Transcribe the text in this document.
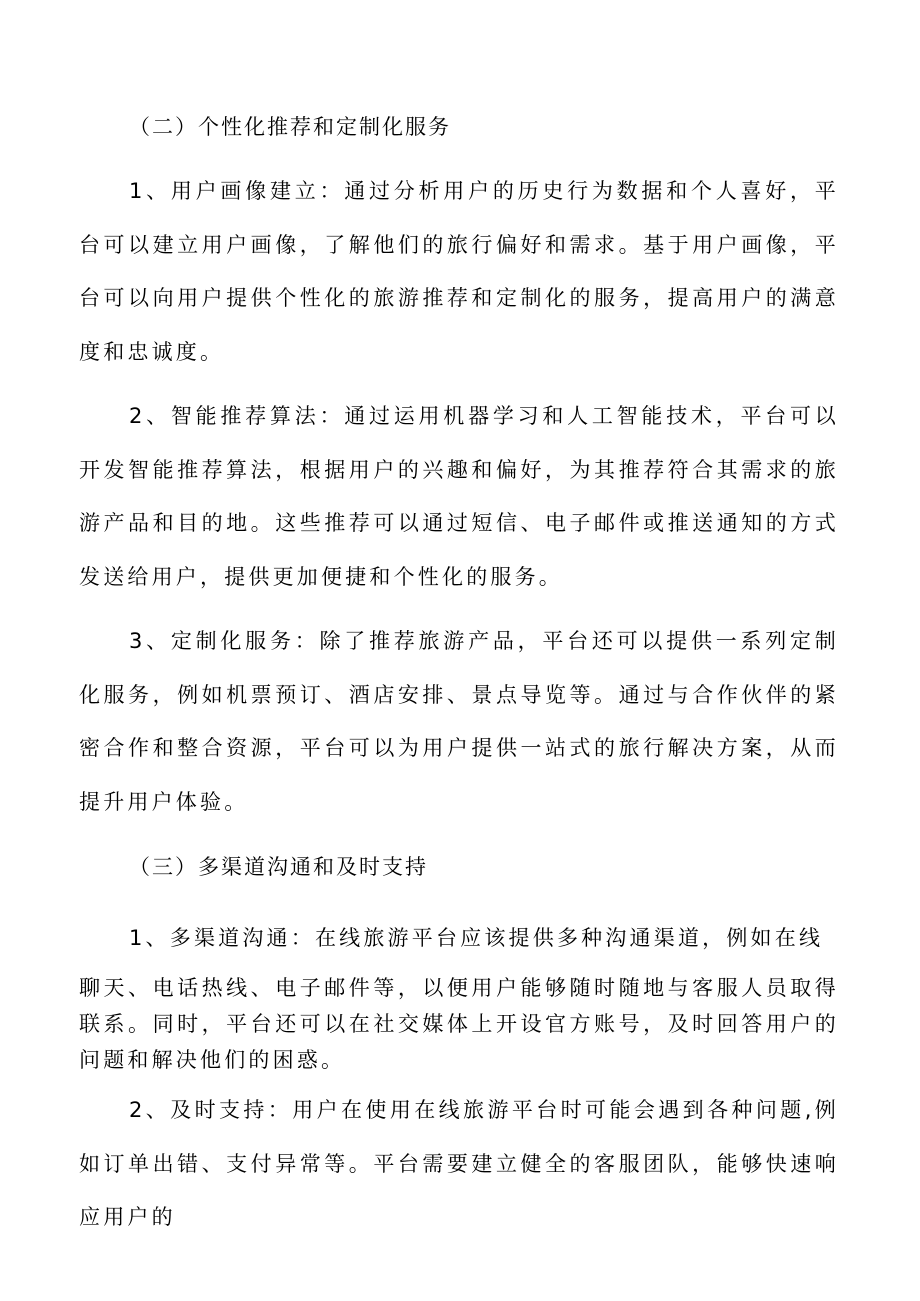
（二）个性化推荐和定制化服务

1、用户画像建立：通过分析用户的历史行为数据和个人喜好，平台可以建立用户画像，了解他们的旅行偏好和需求。基于用户画像，平台可以向用户提供个性化的旅游推荐和定制化的服务，提高用户的满意度和忠诚度。

2、智能推荐算法：通过运用机器学习和人工智能技术，平台可以开发智能推荐算法，根据用户的兴趣和偏好，为其推荐符合其需求的旅游产品和目的地。这些推荐可以通过短信、电子邮件或推送通知的方式发送给用户，提供更加便捷和个性化的服务。

3、定制化服务：除了推荐旅游产品，平台还可以提供一系列定制化服务，例如机票预订、酒店安排、景点导览等。通过与合作伙伴的紧密合作和整合资源，平台可以为用户提供一站式的旅行解决方案，从而提升用户体验。

（三）多渠道沟通和及时支持
1、多渠道沟通：在线旅游平台应该提供多种沟通渠道，例如在线

聊天、电话热线、电子邮件等，以便用户能够随时随地与客服人员取得联系。同时，平台还可以在社交媒体上开设官方账号，及时回答用户的问题和解决他们的困惑。

2、及时支持：用户在使用在线旅游平台时可能会遇到各种问题,例如订单出错、支付异常等。平台需要建立健全的客服团队，能够快速响应用户的
